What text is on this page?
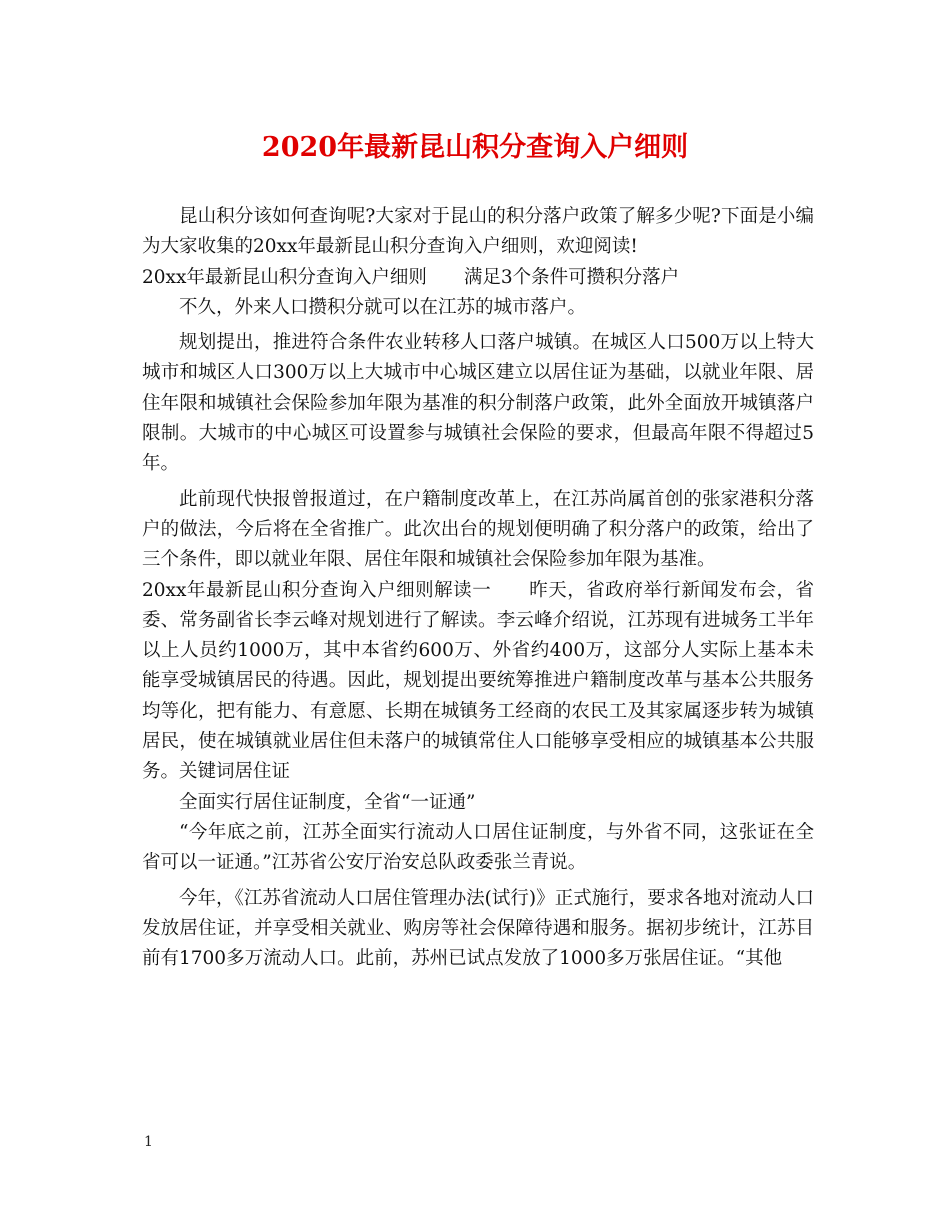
2020年最新昆山积分查询入户细则

昆山积分该如何查询呢?大家对于昆山的积分落户政策了解多少呢?下面是小编为大家收集的20xx年最新昆山积分查询入户细则，欢迎阅读!

20xx年最新昆山积分查询入户细则　　满足3个条件可攒积分落户

不久，外来人口攒积分就可以在江苏的城市落户。

规划提出，推进符合条件农业转移人口落户城镇。在城区人口500万以上特大城市和城区人口300万以上大城市中心城区建立以居住证为基础，以就业年限、居住年限和城镇社会保险参加年限为基准的积分制落户政策，此外全面放开城镇落户限制。大城市的中心城区可设置参与城镇社会保险的要求，但最高年限不得超过5年。

此前现代快报曾报道过，在户籍制度改革上，在江苏尚属首创的张家港积分落户的做法，今后将在全省推广。此次出台的规划便明确了积分落户的政策，给出了三个条件，即以就业年限、居住年限和城镇社会保险参加年限为基准。

20xx年最新昆山积分查询入户细则解读一　　昨天，省政府举行新闻发布会，省委、常务副省长李云峰对规划进行了解读。李云峰介绍说，江苏现有进城务工半年以上人员约1000万，其中本省约600万、外省约400万，这部分人实际上基本未能享受城镇居民的待遇。因此，规划提出要统筹推进户籍制度改革与基本公共服务均等化，把有能力、有意愿、长期在城镇务工经商的农民工及其家属逐步转为城镇居民，使在城镇就业居住但未落户的城镇常住人口能够享受相应的城镇基本公共服务。关键词居住证

全面实行居住证制度，全省“一证通”

“今年底之前，江苏全面实行流动人口居住证制度，与外省不同，这张证在全省可以一证通。”江苏省公安厅治安总队政委张兰青说。

今年，《江苏省流动人口居住管理办法(试行)》正式施行，要求各地对流动人口发放居住证，并享受相关就业、购房等社会保障待遇和服务。据初步统计，江苏目前有1700多万流动人口。此前，苏州已试点发放了1000多万张居住证。“其他

1
